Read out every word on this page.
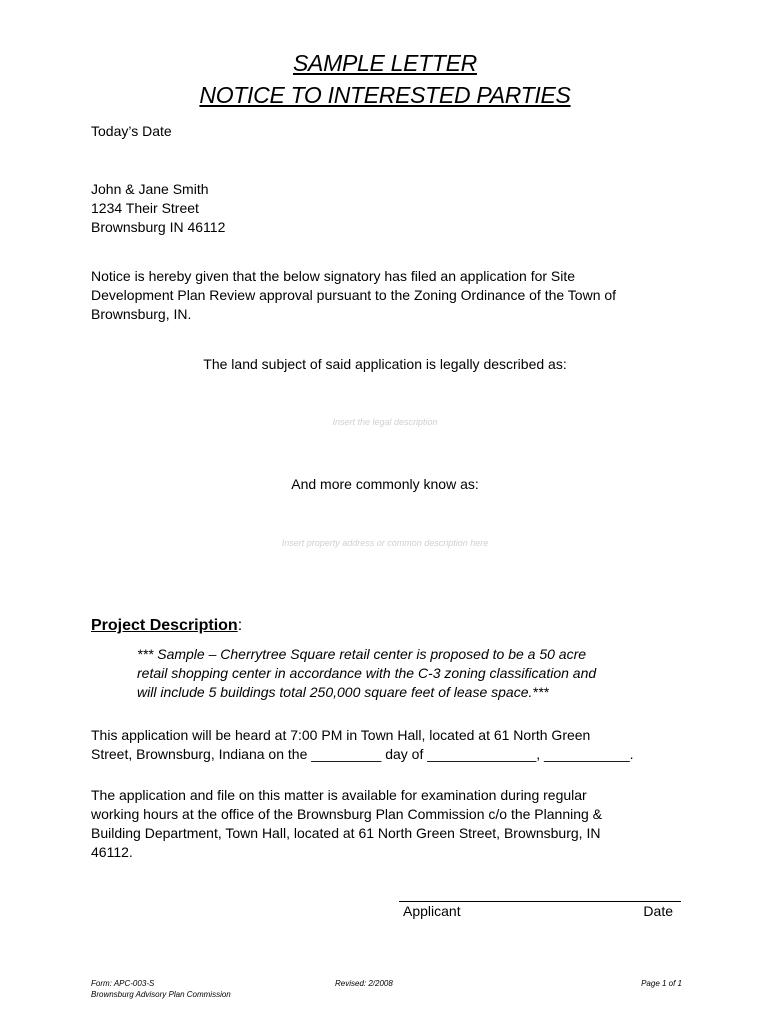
SAMPLE LETTER
NOTICE TO INTERESTED PARTIES

Today’s Date

John & Jane Smith

1234 Their Street

Brownsburg IN 46112

Notice is hereby given that the below signatory has filed an application for Site

Development Plan Review approval pursuant to the Zoning Ordinance of the Town of

Brownsburg, IN.

The land subject of said application is legally described as:
Insert the legal description
And more commonly know as:
Insert property address or common description here
Project Description:
*** Sample – Cherrytree Square retail center is proposed to be a 50 acre
retail shopping center in accordance with the C-3 zoning classification and
will include 5 buildings total 250,000 square feet of lease space.***

This application will be heard at 7:00 PM in Town Hall, located at 61 North Green

Street, Brownsburg, Indiana on the _________ day of ______________, ___________.

The application and file on this matter is available for examination during regular

working hours at the office of the Brownsburg Plan Commission c/o the Planning &

Building Department, Town Hall, located at 61 North Green Street, Brownsburg, IN

46112.

Applicant	Date
Form: APC-003-S
Brownsburg Advisory Plan Commission
Revised: 2/2008	Page 1 of 1
